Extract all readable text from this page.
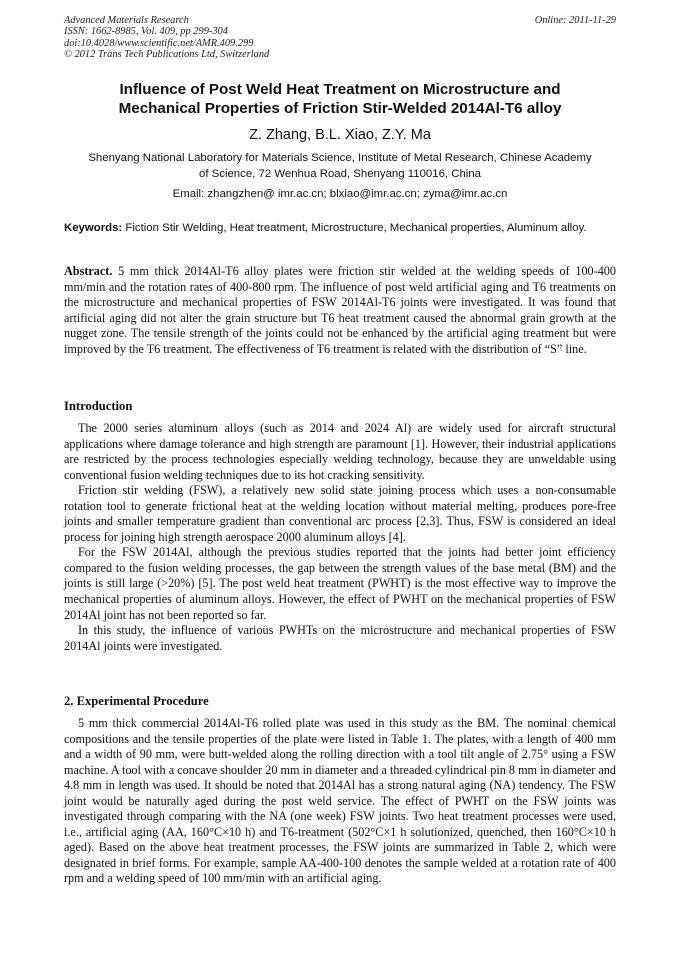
Advanced Materials Research
ISSN: 1662-8985, Vol. 409, pp 299-304
doi:10.4028/www.scientific.net/AMR.409.299
© 2012 Trans Tech Publications Ltd, Switzerland
Online: 2011-11-29
Influence of Post Weld Heat Treatment on Microstructure and
Mechanical Properties of Friction Stir-Welded 2014Al-T6 alloy
Z. Zhang, B.L. Xiao, Z.Y. Ma
Shenyang National Laboratory for Materials Science, Institute of Metal Research, Chinese Academy
of Science, 72 Wenhua Road, Shenyang 110016, China
Email: zhangzhen@ imr.ac.cn; blxiao@imr.ac.cn; zyma@imr.ac.cn
Keywords: Fiction Stir Welding, Heat treatment, Microstructure, Mechanical properties, Aluminum alloy.
Abstract. 5 mm thick 2014Al-T6 alloy plates were friction stir welded at the welding speeds of 100-400 mm/min and the rotation rates of 400-800 rpm. The influence of post weld artificial aging and T6 treatments on the microstructure and mechanical properties of FSW 2014Al-T6 joints were investigated. It was found that artificial aging did not alter the grain structure but T6 heat treatment caused the abnormal grain growth at the nugget zone. The tensile strength of the joints could not be enhanced by the artificial aging treatment but were improved by the T6 treatment. The effectiveness of T6 treatment is related with the distribution of “S” line.
Introduction

The 2000 series aluminum alloys (such as 2014 and 2024 Al) are widely used for aircraft structural applications where damage tolerance and high strength are paramount [1]. However, their industrial applications are restricted by the process technologies especially welding technology, because they are unweldable using conventional fusion welding techniques due to its hot cracking sensitivity.

Friction stir welding (FSW), a relatively new solid state joining process which uses a non-consumable rotation tool to generate frictional heat at the welding location without material melting, produces pore-free joints and smaller temperature gradient than conventional arc process [2,3]. Thus, FSW is considered an ideal process for joining high strength aerospace 2000 aluminum alloys [4].

For the FSW 2014Al, although the previous studies reported that the joints had better joint efficiency compared to the fusion welding processes, the gap between the strength values of the base metal (BM) and the joints is still large (>20%) [5]. The post weld heat treatment (PWHT) is the most effective way to improve the mechanical properties of aluminum alloys. However, the effect of PWHT on the mechanical properties of FSW 2014Al joint has not been reported so far.

In this study, the influence of various PWHTs on the microstructure and mechanical properties of FSW 2014Al joints were investigated.

2. Experimental Procedure

5 mm thick commercial 2014Al-T6 rolled plate was used in this study as the BM. The nominal chemical compositions and the tensile properties of the plate were listed in Table 1. The plates, with a length of 400 mm and a width of 90 mm, were butt-welded along the rolling direction with a tool tilt angle of 2.75° using a FSW machine. A tool with a concave shoulder 20 mm in diameter and a threaded cylindrical pin 8 mm in diameter and 4.8 mm in length was used. It should be noted that 2014Al has a strong natural aging (NA) tendency. The FSW joint would be naturally aged during the post weld service. The effect of PWHT on the FSW joints was investigated through comparing with the NA (one week) FSW joints. Two heat treatment processes were used, i.e., artificial aging (AA, 160°C×10 h) and T6-treatment (502°C×1 h solutionized, quenched, then 160°C×10 h aged). Based on the above heat treatment processes, the FSW joints are summarized in Table 2, which were designated in brief forms. For example, sample AA-400-100 denotes the sample welded at a rotation rate of 400 rpm and a welding speed of 100 mm/min with an artificial aging.
